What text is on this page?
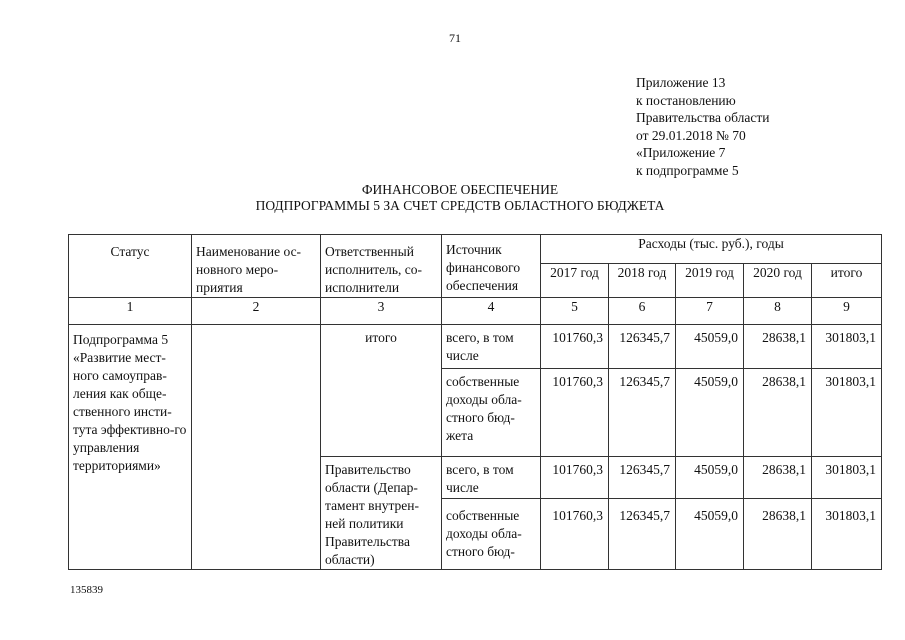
71
Приложение 13
к постановлению
Правительства области
от 29.01.2018 № 70
«Приложение 7
к подпрограмме 5
ФИНАНСОВОЕ ОБЕСПЕЧЕНИЕ
ПОДПРОГРАММЫ 5 ЗА СЧЕТ СРЕДСТВ ОБЛАСТНОГО БЮДЖЕТА
Статус	Наименование ос-новного меро-приятия	Ответственный исполнитель, со-исполнители	Источник финансового обеспечения	Расходы (тыс. руб.), годы				
				2017 год	2018 год	2019 год	2020 год	итого
1	2	3	4	5	6	7	8	9
Подпрограмма 5 «Развитие мест-ного самоуправ-ления как обще-ственного инсти-тута эффективно-го управления территориями»		итого	всего, в том числе	101760,3	126345,7	45059,0	28638,1	301803,1
			собственные доходы обла-стного бюд-жета	101760,3	126345,7	45059,0	28638,1	301803,1
		Правительство области (Депар-тамент внутрен-ней политики Правительства области)	всего, в том числе	101760,3	126345,7	45059,0	28638,1	301803,1
			собственные доходы обла-стного бюд-	101760,3	126345,7	45059,0	28638,1	301803,1
135839
